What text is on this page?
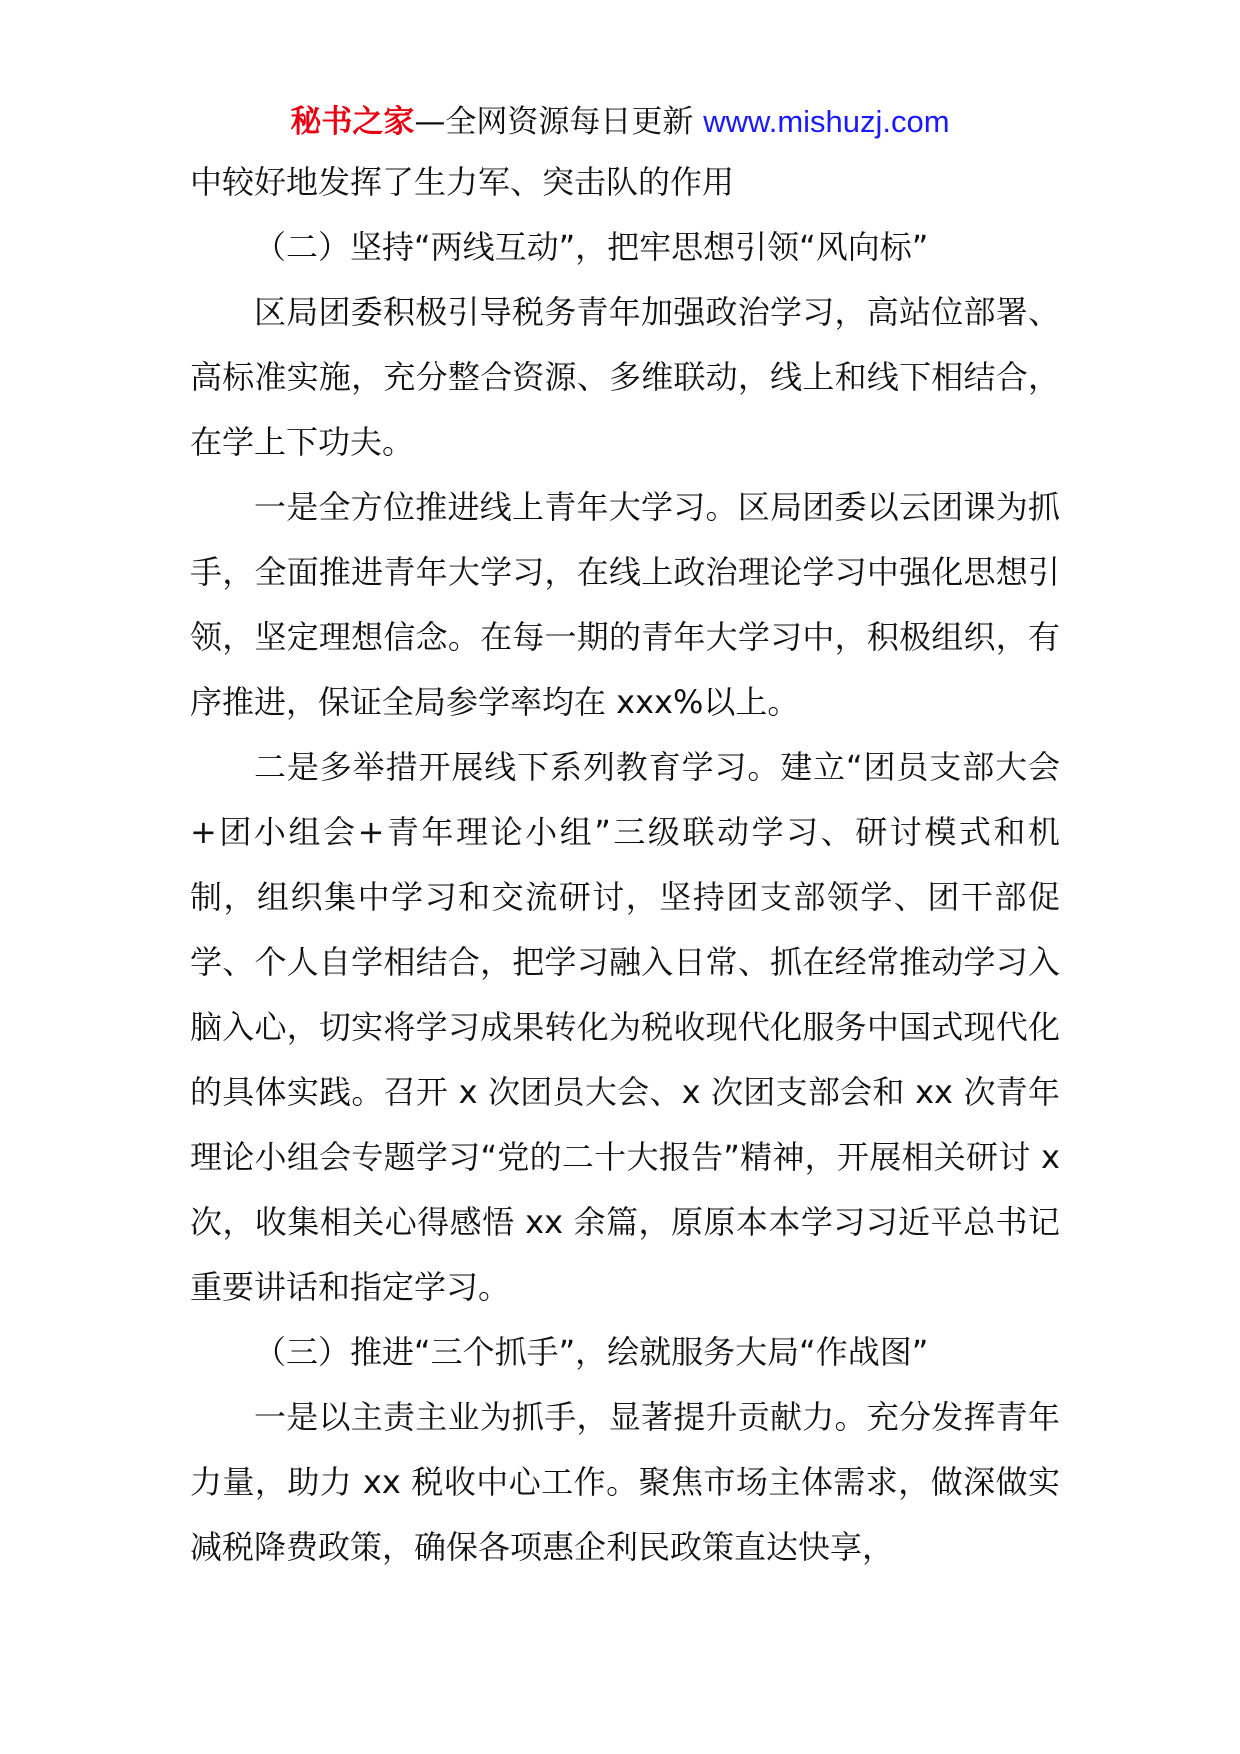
秘书之家—全网资源每日更新 www.mishuzj.com

中较好地发挥了生力军、突击队的作用

（二）坚持“两线互动”，把牢思想引领“风向标”

区局团委积极引导税务青年加强政治学习，高站位部署、高标准实施，充分整合资源、多维联动，线上和线下相结合，在学上下功夫。

一是全方位推进线上青年大学习。区局团委以云团课为抓手，全面推进青年大学习，在线上政治理论学习中强化思想引领，坚定理想信念。在每一期的青年大学习中，积极组织，有序推进，保证全局参学率均在 xxx%以上。

二是多举措开展线下系列教育学习。建立“团员支部大会+团小组会+青年理论小组”三级联动学习、研讨模式和机制，组织集中学习和交流研讨，坚持团支部领学、团干部促学、个人自学相结合，把学习融入日常、抓在经常推动学习入脑入心，切实将学习成果转化为税收现代化服务中国式现代化的具体实践。召开 x 次团员大会、x 次团支部会和 xx 次青年理论小组会专题学习“党的二十大报告”精神，开展相关研讨 x 次，收集相关心得感悟 xx 余篇，原原本本学习习近平总书记重要讲话和指定学习。

（三）推进“三个抓手”，绘就服务大局“作战图”

一是以主责主业为抓手，显著提升贡献力。充分发挥青年力量，助力 xx 税收中心工作。聚焦市场主体需求，做深做实减税降费政策，确保各项惠企利民政策直达快享，
